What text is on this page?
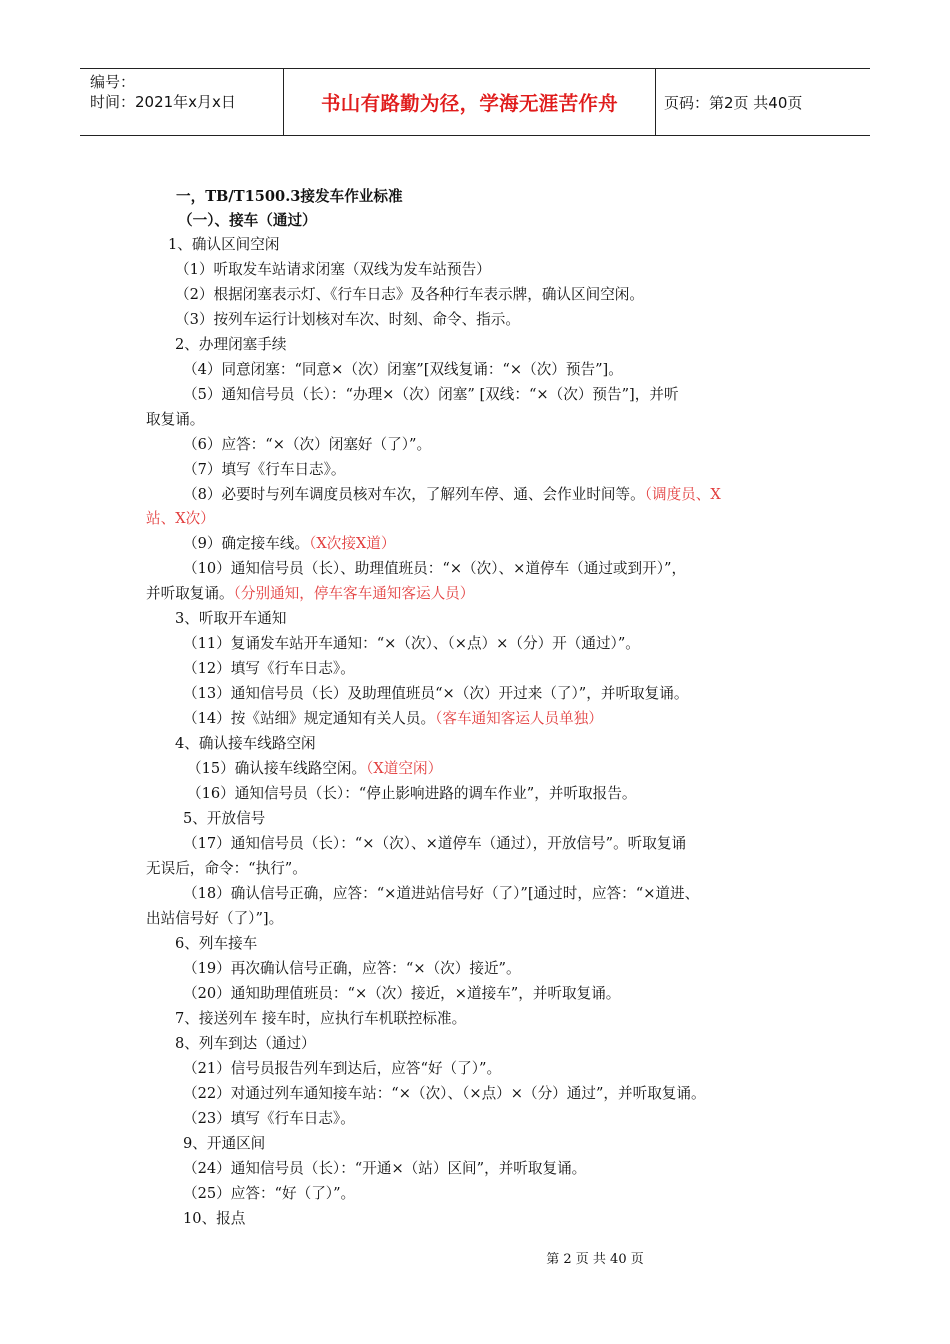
编号：
时间：2021年x月x日	书山有路勤为径，学海无涯苦作舟	页码：第2页 共40页
一，TB/T1500.3接发车作业标准
（一）、接车（通过）
1、确认区间空闲
（1）听取发车站请求闭塞（双线为发车站预告）
（2）根据闭塞表示灯、《行车日志》及各种行车表示牌，确认区间空闲。
（3）按列车运行计划核对车次、时刻、命令、指示。
2、办理闭塞手续
（4）同意闭塞：“同意×（次）闭塞”[双线复诵：“×（次）预告”]。
（5）通知信号员（长）：“办理×（次）闭塞” [双线：“×（次）预告”]，并听
取复诵。
（6）应答：“×（次）闭塞好（了）”。
（7）填写《行车日志》。
（8）必要时与列车调度员核对车次，了解列车停、通、会作业时间等。（调度员、X
站、X次）
（9）确定接车线。（X次接X道）
（10）通知信号员（长）、助理值班员：“×（次）、×道停车（通过或到开）”，
并听取复诵。（分别通知，停车客车通知客运人员）
3、听取开车通知
（11）复诵发车站开车通知：“×（次）、（×点）×（分）开（通过）”。
（12）填写《行车日志》。
（13）通知信号员（长）及助理值班员“×（次）开过来（了）”，并听取复诵。
（14）按《站细》规定通知有关人员。（客车通知客运人员单独）
4、确认接车线路空闲
（15）确认接车线路空闲。（X道空闲）
（16）通知信号员（长）：“停止影响进路的调车作业”，并听取报告。
5、开放信号
（17）通知信号员（长）：“×（次）、×道停车（通过），开放信号”。听取复诵
无误后，命令：“执行”。
（18）确认信号正确，应答：“×道进站信号好（了）”[通过时，应答：“×道进、
出站信号好（了）”]。
6、列车接车
（19）再次确认信号正确，应答：“×（次）接近”。
（20）通知助理值班员：“×（次）接近，×道接车”，并听取复诵。
7、接送列车 接车时，应执行车机联控标准。
8、列车到达（通过）
（21）信号员报告列车到达后，应答“好（了）”。
（22）对通过列车通知接车站：“×（次）、（×点）×（分）通过”，并听取复诵。
（23）填写《行车日志》。
9、开通区间
（24）通知信号员（长）：“开通×（站）区间”，并听取复诵。
（25）应答：“好（了）”。
10、报点
第 2 页 共 40 页
